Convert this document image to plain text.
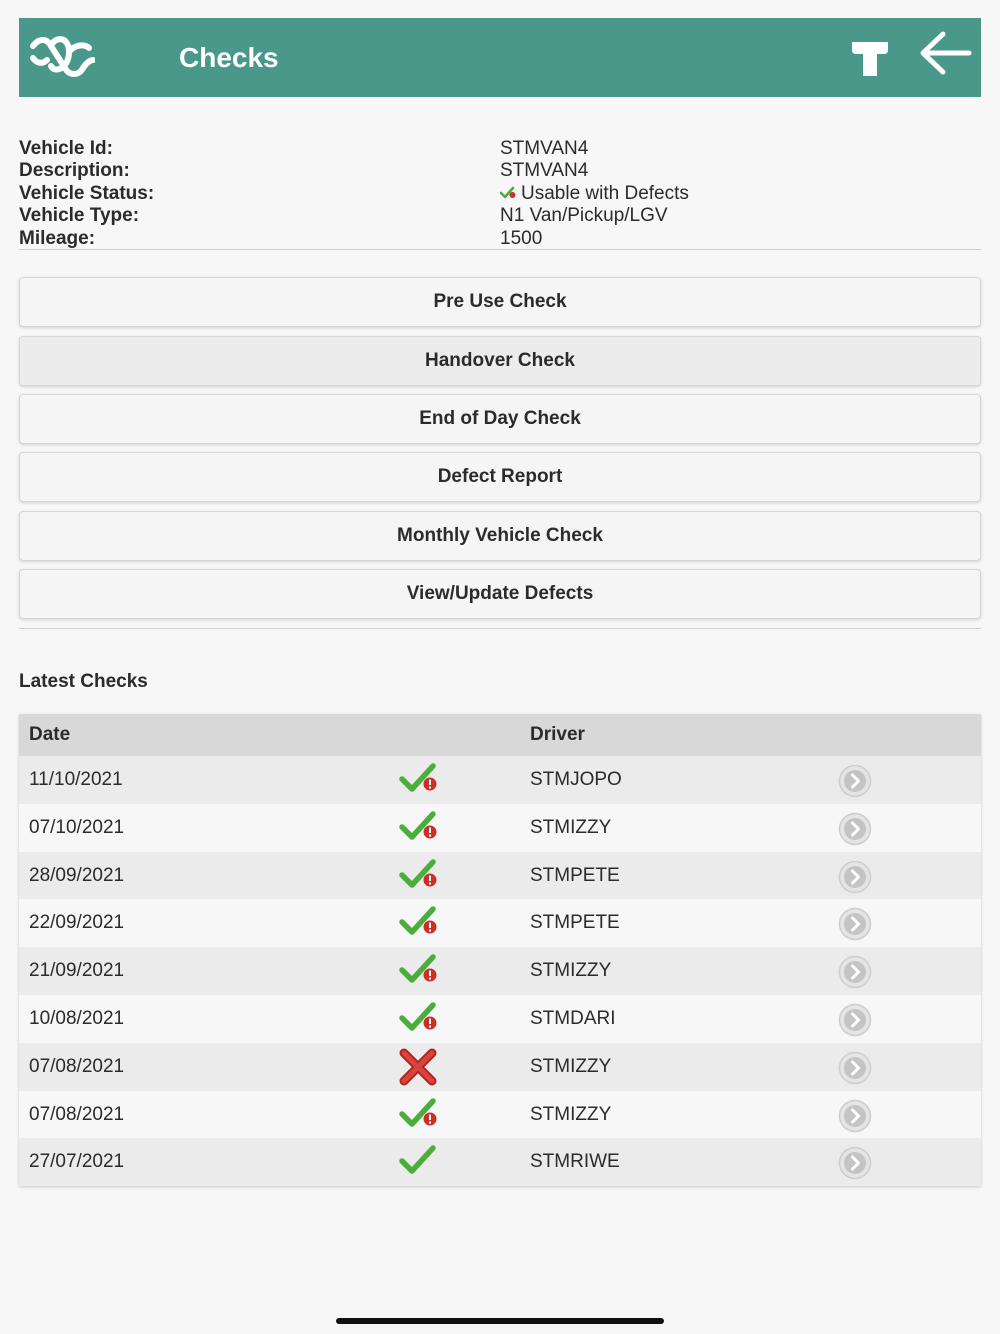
Checks
Vehicle Id:	STMVAN4
Description:	STMVAN4
Vehicle Status:	Usable with Defects
Vehicle Type:	N1 Van/Pickup/LGV
Mileage:	1500
Pre Use Check
Handover Check
End of Day Check
Defect Report
Monthly Vehicle Check
View/Update Defects
Latest Checks
Date	Driver
11/10/2021	STMJOPO
07/10/2021	STMIZZY
28/09/2021	STMPETE
22/09/2021	STMPETE
21/09/2021	STMIZZY
10/08/2021	STMDARI
07/08/2021	STMIZZY
07/08/2021	STMIZZY
27/07/2021	STMRIWE
